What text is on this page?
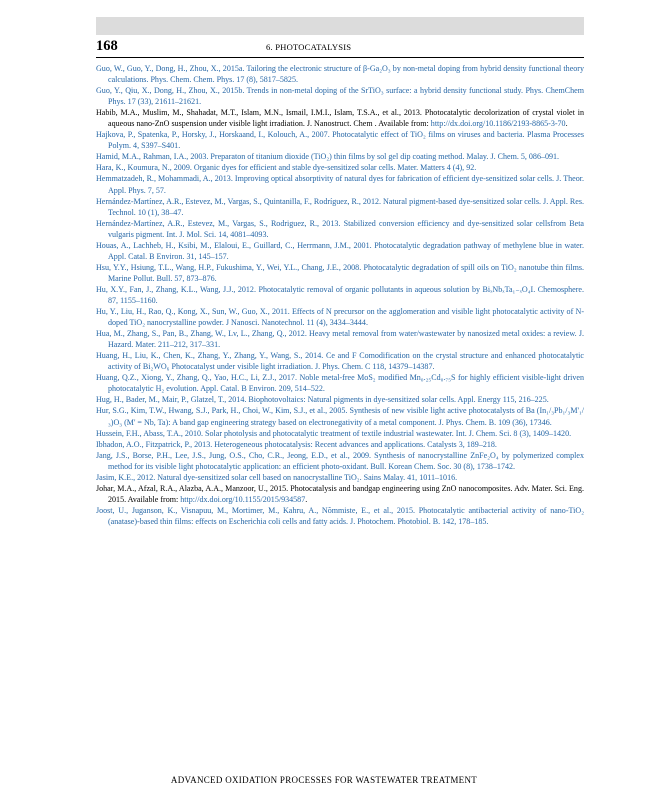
168	6. PHOTOCATALYSIS
Guo, W., Guo, Y., Dong, H., Zhou, X., 2015a. Tailoring the electronic structure of β-Ga₂O₃ by non-metal doping from hybrid density functional theory calculations. Phys. Chem. Chem. Phys. 17 (8), 5817–5825.
Guo, Y., Qiu, X., Dong, H., Zhou, X., 2015b. Trends in non-metal doping of the SrTiO₃ surface: a hybrid density functional study. Phys. ChemChem Phys. 17 (33), 21611–21621.
Habib, M.A., Muslim, M., Shahadat, M.T., Islam, M.N., Ismail, I.M.I., Islam, T.S.A., et al., 2013. Photocatalytic decolorization of crystal violet in aqueous nano-ZnO suspension under visible light irradiation. J. Nanostruct. Chem . Available from: http://dx.doi.org/10.1186/2193-8865-3-70.
Hajkova, P., Spatenka, P., Horsky, J., Horskaand, I., Kolouch, A., 2007. Photocatalytic effect of TiO₂ films on viruses and bacteria. Plasma Processes Polym. 4, S397–S401.
Hamid, M.A., Rahman, I.A., 2003. Preparaton of titanium dioxide (TiO₂) thin films by sol gel dip coating method. Malay. J. Chem. 5, 086–091.
Hara, K., Koumura, N., 2009. Organic dyes for efficient and stable dye-sensitized solar cells. Mater. Matters 4 (4), 92.
Hemmatzadeh, R., Mohammadi, A., 2013. Improving optical absorptivity of natural dyes for fabrication of efficient dye-sensitized solar cells. J. Theor. Appl. Phys. 7, 57.
Hernández-Martínez, A.R., Estevez, M., Vargas, S., Quintanilla, F., Rodríguez, R., 2012. Natural pigment-based dye-sensitized solar cells. J. Appl. Res. Technol. 10 (1), 38–47.
Hernández-Martínez, A.R., Estevez, M., Vargas, S., Rodriguez, R., 2013. Stabilized conversion efficiency and dye-sensitized solar cellsfrom Beta vulgaris pigment. Int. J. Mol. Sci. 14, 4081–4093.
Houas, A., Lachheb, H., Ksibi, M., Elaloui, E., Guillard, C., Herrmann, J.M., 2001. Photocatalytic degradation pathway of methylene blue in water. Appl. Catal. B Environ. 31, 145–157.
Hsu, Y.Y., Hsiung, T.L., Wang, H.P., Fukushima, Y., Wei, Y.L., Chang, J.E., 2008. Photocatalytic degradation of spill oils on TiO₂ nanotube thin films. Marine Pollut. Bull. 57, 873–876.
Hu, X.Y., Fan, J., Zhang, K.L., Wang, J.J., 2012. Photocatalytic removal of organic pollutants in aqueous solution by BiₓNbₓTa₁₋ₓO₄I. Chemosphere. 87, 1155–1160.
Hu, Y., Liu, H., Rao, Q., Kong, X., Sun, W., Guo, X., 2011. Effects of N precursor on the agglomeration and visible light photocatalytic activity of N-doped TiO₂ nanocrystalline powder. J Nanosci. Nanotechnol. 11 (4), 3434–3444.
Hua, M., Zhang, S., Pan, B., Zhang, W., Lv, L., Zhang, Q., 2012. Heavy metal removal from water/wastewater by nanosized metal oxides: a review. J. Hazard. Mater. 211–212, 317–331.
Huang, H., Liu, K., Chen, K., Zhang, Y., Zhang, Y., Wang, S., 2014. Ce and F Comodification on the crystal structure and enhanced photocatalytic activity of Bi₂WO₆ Photocatalyst under visible light irradiation. J. Phys. Chem. C 118, 14379–14387.
Huang, Q.Z., Xiong, Y., Zhang, Q., Yao, H.C., Li, Z.J., 2017. Noble metal-free MoS₂ modified Mn₀.₂₅Cd₀.₇₅S for highly efficient visible-light driven photocatalytic H₂ evolution. Appl. Catal. B Environ. 209, 514–522.
Hug, H., Bader, M., Mair, P., Glatzel, T., 2014. Biophotovoltaics: Natural pigments in dye-sensitized solar cells. Appl. Energy 115, 216–225.
Hur, S.G., Kim, T.W., Hwang, S.J., Park, H., Choi, W., Kim, S.J., et al., 2005. Synthesis of new visible light active photocatalysts of Ba (In₁/₃Pb₁/₃M'₁/₃)O₃ (M' = Nb, Ta): A band gap engineering strategy based on electronegativity of a metal component. J. Phys. Chem. B. 109 (36), 17346.
Hussein, F.H., Abass, T.A., 2010. Solar photolysis and photocatalytic treatment of textile industrial wastewater. Int. J. Chem. Sci. 8 (3), 1409–1420.
Ibhadon, A.O., Fitzpatrick, P., 2013. Heterogeneous photocatalysis: Recent advances and applications. Catalysts 3, 189–218.
Jang, J.S., Borse, P.H., Lee, J.S., Jung, O.S., Cho, C.R., Jeong, E.D., et al., 2009. Synthesis of nanocrystalline ZnFe₂O₄ by polymerized complex method for its visible light photocatalytic application: an efficient photo-oxidant. Bull. Korean Chem. Soc. 30 (8), 1738–1742.
Jasim, K.E., 2012. Natural dye-sensitized solar cell based on nanocrystalline TiO₂. Sains Malay. 41, 1011–1016.
Johar, M.A., Afzal, R.A., Alazba, A.A., Manzoor, U., 2015. Photocatalysis and bandgap engineering using ZnO nanocomposites. Adv. Mater. Sci. Eng. 2015. Available from: http://dx.doi.org/10.1155/2015/934587.
Joost, U., Juganson, K., Visnapuu, M., Mortimer, M., Kahru, A., Nõmmiste, E., et al., 2015. Photocatalytic antibacterial activity of nano-TiO₂ (anatase)-based thin films: effects on Escherichia coli cells and fatty acids. J. Photochem. Photobiol. B. 142, 178–185.
ADVANCED OXIDATION PROCESSES FOR WASTEWATER TREATMENT
